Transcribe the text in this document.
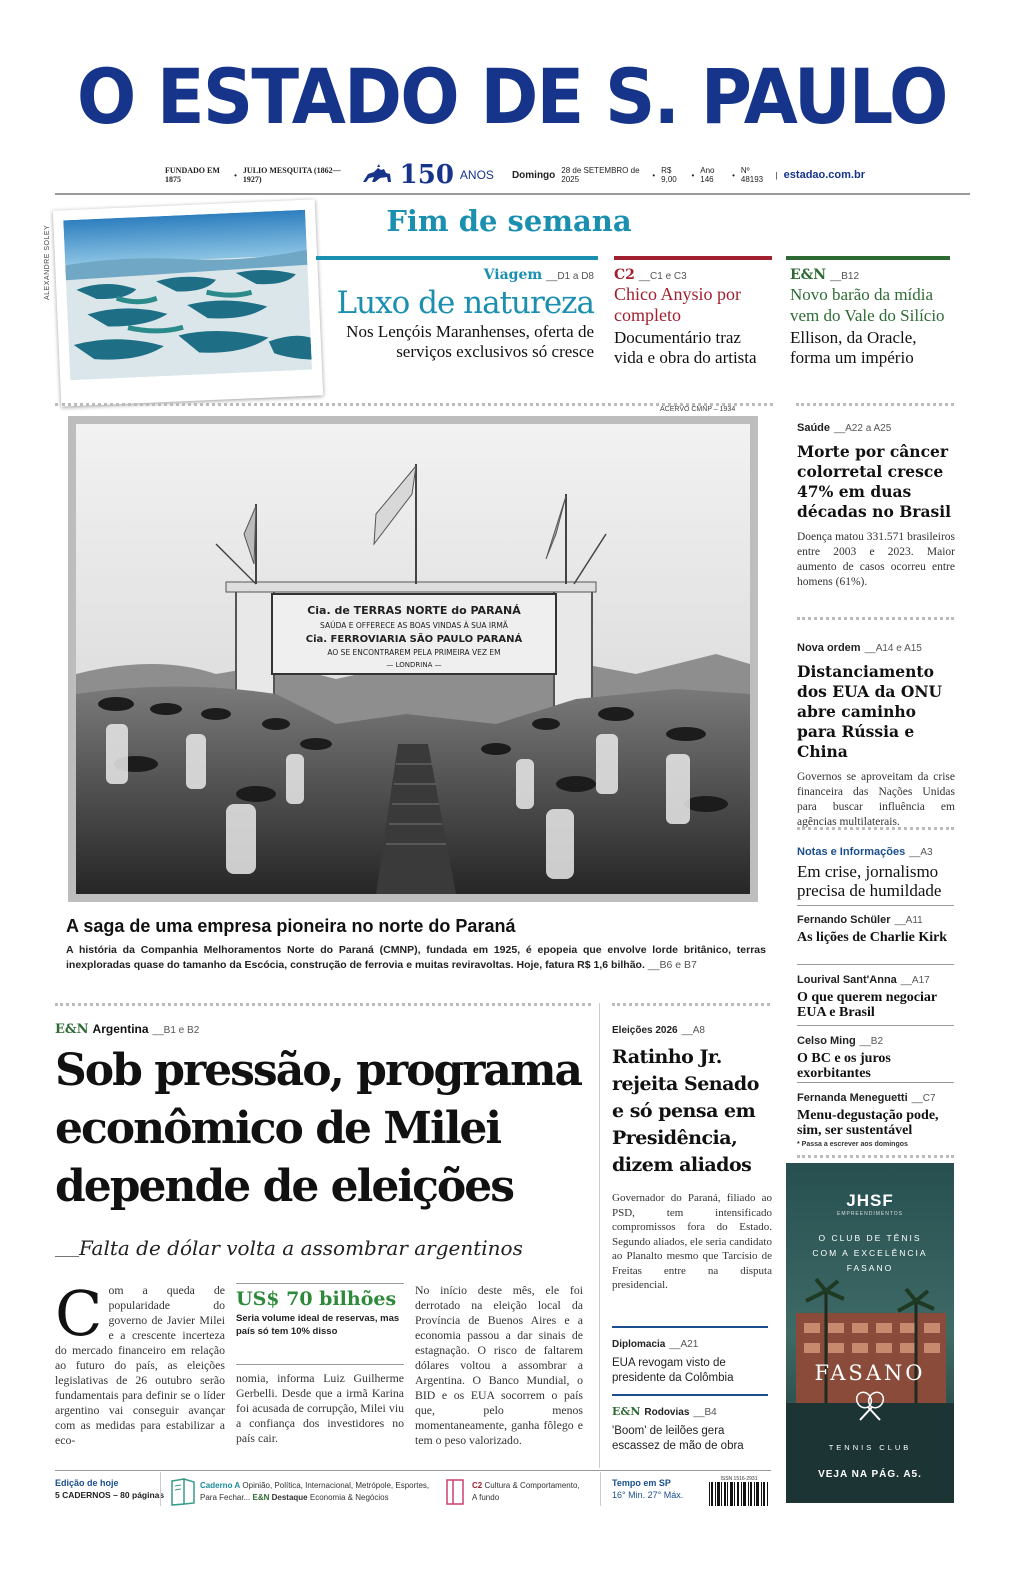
O ESTADO DE S. PAULO
FUNDADO EM 1875	• JULIO MESQUITA (1862—1927)	150 ANOS Domingo 28 de SETEMBRO de 2025	• R$ 9,00	• Ano 146	• Nº 48193	| estadao.com.br
Fim de semana
ALEXANDRE SOLEY	Viagem __D1 a D8
Luxo de natureza
Nos Lençóis Maranhenses, oferta de serviços exclusivos só cresce
C2 __C1 e C3
Chico Anysio por completo
Documentário traz vida e obra do artista
E&N __B12
Novo barão da mídia vem do Vale do Silício
Ellison, da Oracle, forma um império
ACERVO CMNP – 1934
Cia. de TERRAS NORTE do PARANÁ
SAÚDA E OFFERECE AS BOAS VINDAS À SUA IRMÃ
Cia. FERROVIARIA SÃO PAULO PARANÁ
AO SE ENCONTRAREM PELA PRIMEIRA VEZ EM
— LONDRINA —
A saga de uma empresa pioneira no norte do Paraná
A história da Companhia Melhoramentos Norte do Paraná (CMNP), fundada em 1925, é epopeia que envolve lorde britânico, terras inexploradas quase do tamanho da Escócia, construção de ferrovia e muitas reviravoltas. Hoje, fatura R$ 1,6 bilhão. __B6 e B7
Saúde __A22 a A25
Morte por câncer colorretal cresce 47% em duas décadas no Brasil
Doença matou 331.571 brasileiros entre 2003 e 2023. Maior aumento de casos ocorreu entre homens (61%).
Nova ordem __A14 e A15
Distanciamento dos EUA da ONU abre caminho para Rússia e China
Governos se aproveitam da crise financeira das Nações Unidas para buscar influência em agências multilaterais.
Notas e Informações __A3
Em crise, jornalismo precisa de humildade
Fernando Schüler __A11
As lições de Charlie Kirk
Lourival Sant'Anna __A17
O que querem negociar EUA e Brasil
Celso Ming __B2
O BC e os juros exorbitantes
Fernanda Meneguetti __C7
Menu-degustação pode, sim, ser sustentável
* Passa a escrever aos domingos
JHSF
EMPREENDIMENTOS
O CLUB DE TÊNIS COM A EXCELÊNCIA FASANO
FASANO
TENNIS CLUB
VEJA NA PÁG. A5.
E&N Argentina __B1 e B2
Sob pressão, programa econômico de Milei depende de eleições
___Falta de dólar volta a assombrar argentinos
C om a queda de popularidade do governo de Javier Milei e a crescente incerteza do mercado financeiro em relação ao futuro do país, as eleições legislativas de 26 outubro serão fundamentais para definir se o líder argentino vai conseguir avançar com as medidas para estabilizar a eco-
US$ 70 bilhões
Seria volume ideal de reservas, mas país só tem 10% disso
nomia, informa Luiz Guilherme Gerbelli. Desde que a irmã Karina foi acusada de corrupção, Milei viu a confiança dos investidores no país cair.
No início deste mês, ele foi derrotado na eleição local da Província de Buenos Aires e a economia passou a dar sinais de estagnação. O risco de faltarem dólares voltou a assombrar a Argentina. O Banco Mundial, o BID e os EUA socorrem o país que, pelo menos momentaneamente, ganha fôlego e tem o peso valorizado.
Eleições 2026 __A8
Ratinho Jr. rejeita Senado e só pensa em Presidência, dizem aliados
Governador do Paraná, filiado ao PSD, tem intensificado compromissos fora do Estado. Segundo aliados, ele seria candidato ao Planalto mesmo que Tarcísio de Freitas entre na disputa presidencial.
Diplomacia __A21
EUA revogam visto de presidente da Colômbia
E&N Rodovias __B4
'Boom' de leilões gera escassez de mão de obra
Edição de hoje
5 CADERNOS – 80 páginas
Caderno A Opinião, Política, Internacional, Metrópole, Esportes, Para Fechar... E&N Destaque Economia & Negócios
C2 Cultura & Comportamento, A fundo
Tempo em SP
16° Min. 27° Máx.
ISSN 1516-2931
